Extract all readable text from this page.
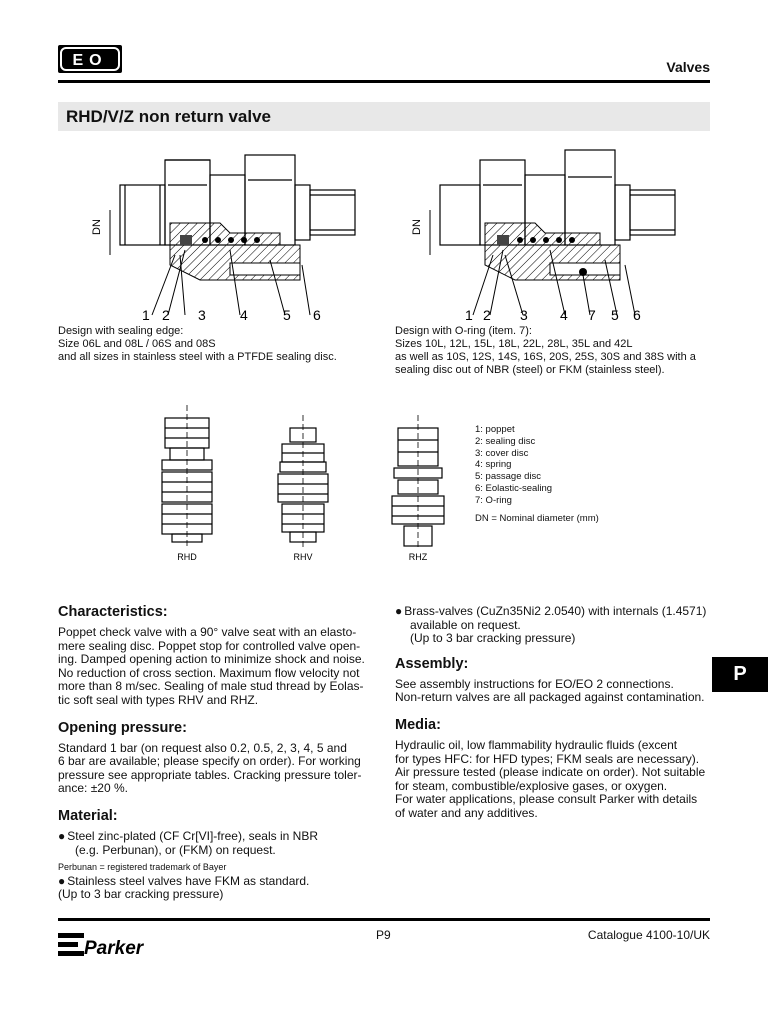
EO	Valves
RHD/V/Z non return valve
DN
1 2 3 4	5 6
Design with sealing edge:
Size 06L and 08L / 06S and 08S
and all sizes in stainless steel with a PTFDE sealing disc.
DN
1 2 3 4 7 5 6
Design with O-ring (item. 7):
Sizes 10L, 12L, 15L, 18L, 22L, 28L, 35L and 42L
as well as 10S, 12S, 14S, 16S, 20S, 25S, 30S and 38S with a
sealing disc out of NBR (steel) or FKM (stainless steel).
RHD	RHV	RHZ
1: poppet
2: sealing disc
3: cover disc
4: spring
5: passage disc
6: Eolastic-sealing
7: O-ring
DN = Nominal diameter (mm)
Characteristics:
Poppet check valve with a 90° valve seat with an elasto-
mere sealing disc. Poppet stop for controlled valve open-
ing. Damped opening action to minimize shock and noise.
No reduction of cross section. Maximum flow velocity not
more than 8 m/sec. Sealing of male stud thread by Eolas-
tic soft seal with types RHV and RHZ.
Opening pressure:
Standard 1 bar (on request also 0.2, 0.5, 2, 3, 4, 5 and
6 bar are available; please specify on order). For working
pressure see appropriate tables. Cracking pressure toler-
ance: ±20 %.
Material:
● Steel zinc-plated (CF Cr[VI]-free), seals in NBR
(e.g. Perbunan), or (FKM) on request.
Perbunan = registered trademark of Bayer
● Stainless steel valves have FKM as standard.
(Up to 3 bar cracking pressure)
● Brass-valves (CuZn35Ni2 2.0540) with internals (1.4571)
available on request.
(Up to 3 bar cracking pressure)
Assembly:
See assembly instructions for EO/EO 2 connections.
Non-return valves are all packaged against contamination.
Media:
Hydraulic oil, low flammability hydraulic fluids (excent
for types HFC: for HFD types; FKM seals are necessary).
Air pressure tested (please indicate on order). Not suitable
for steam, combustible/explosive gases, or oxygen.
For water applications, please consult Parker with details
of water and any additives.
P
Parker
P9	Catalogue 4100-10/UK
